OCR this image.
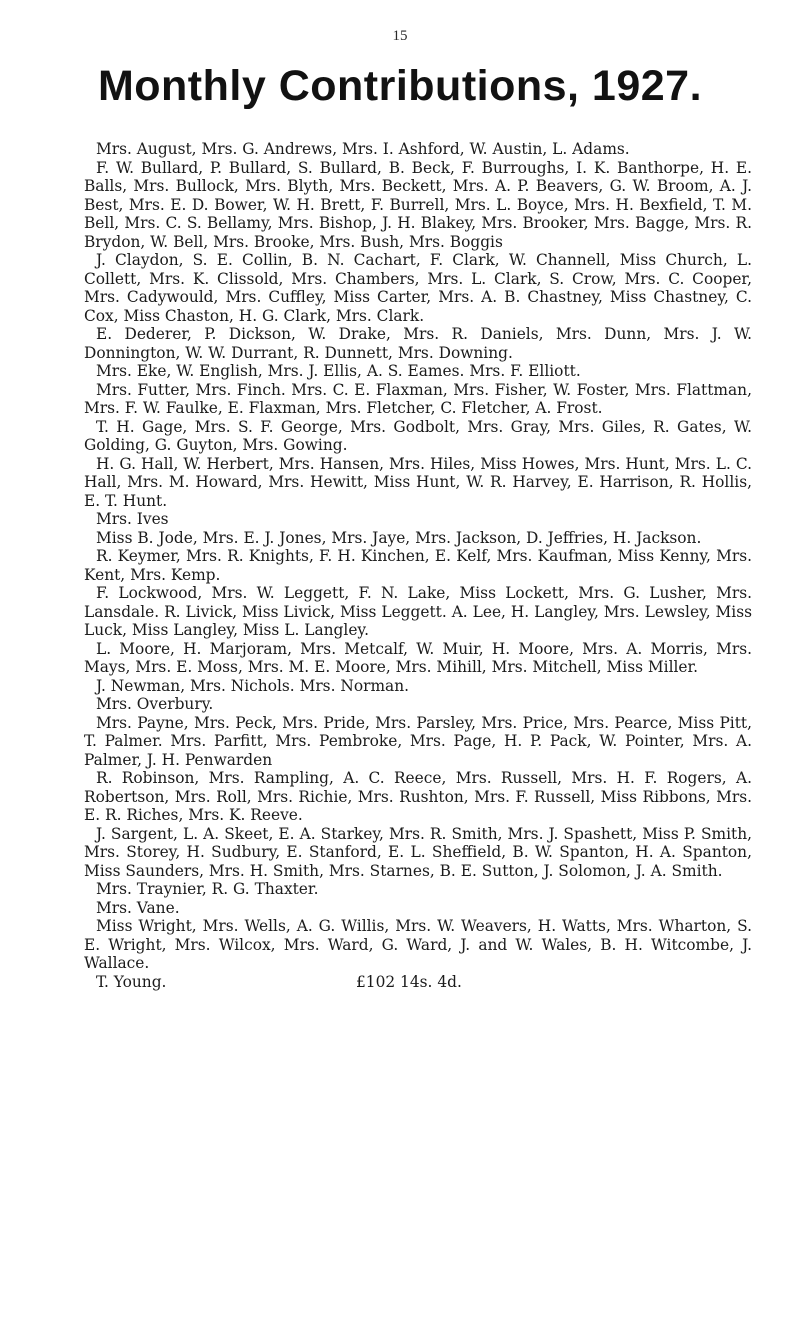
15
Monthly Contributions, 1927.

Mrs. August, Mrs. G. Andrews, Mrs. I. Ashford, W. Austin, L. Adams.

F. W. Bullard, P. Bullard, S. Bullard, B. Beck, F. Burroughs, I. K. Banthorpe, H. E. Balls, Mrs. Bullock, Mrs. Blyth, Mrs. Beckett, Mrs. A. P. Beavers, G. W. Broom, A. J. Best, Mrs. E. D. Bower, W. H. Brett, F. Burrell, Mrs. L. Boyce, Mrs. H. Bexfield, T. M. Bell, Mrs. C. S. Bellamy, Mrs. Bishop, J. H. Blakey, Mrs. Brooker, Mrs. Bagge, Mrs. R. Brydon, W. Bell, Mrs. Brooke, Mrs. Bush, Mrs. Boggis

J. Claydon, S. E. Collin, B. N. Cachart, F. Clark, W. Channell, Miss Church, L. Collett, Mrs. K. Clissold, Mrs. Chambers, Mrs. L. Clark, S. Crow, Mrs. C. Cooper, Mrs. Cadywould, Mrs. Cuffley, Miss Carter, Mrs. A. B. Chastney, Miss Chastney, C. Cox, Miss Chaston, H. G. Clark, Mrs. Clark.

E. Dederer, P. Dickson, W. Drake, Mrs. R. Daniels, Mrs. Dunn, Mrs. J. W. Donnington, W. W. Durrant, R. Dunnett, Mrs. Downing.

Mrs. Eke, W. English, Mrs. J. Ellis, A. S. Eames. Mrs. F. Elliott.

Mrs. Futter, Mrs. Finch. Mrs. C. E. Flaxman, Mrs. Fisher, W. Foster, Mrs. Flattman, Mrs. F. W. Faulke, E. Flaxman, Mrs. Fletcher, C. Fletcher, A. Frost.

T. H. Gage, Mrs. S. F. George, Mrs. Godbolt, Mrs. Gray, Mrs. Giles, R. Gates, W. Golding, G. Guyton, Mrs. Gowing.

H. G. Hall, W. Herbert, Mrs. Hansen, Mrs. Hiles, Miss Howes, Mrs. Hunt, Mrs. L. C. Hall, Mrs. M. Howard, Mrs. Hewitt, Miss Hunt, W. R. Harvey, E. Harrison, R. Hollis, E. T. Hunt.

Mrs. Ives

Miss B. Jode, Mrs. E. J. Jones, Mrs. Jaye, Mrs. Jackson, D. Jeffries, H. Jackson.

R. Keymer, Mrs. R. Knights, F. H. Kinchen, E. Kelf, Mrs. Kaufman, Miss Kenny, Mrs. Kent, Mrs. Kemp.

F. Lockwood, Mrs. W. Leggett, F. N. Lake, Miss Lockett, Mrs. G. Lusher, Mrs. Lansdale. R. Livick, Miss Livick, Miss Leggett. A. Lee, H. Langley, Mrs. Lewsley, Miss Luck, Miss Langley, Miss L. Langley.

L. Moore, H. Marjoram, Mrs. Metcalf, W. Muir, H. Moore, Mrs. A. Morris, Mrs. Mays, Mrs. E. Moss, Mrs. M. E. Moore, Mrs. Mihill, Mrs. Mitchell, Miss Miller.

J. Newman, Mrs. Nichols. Mrs. Norman.

Mrs. Overbury.

Mrs. Payne, Mrs. Peck, Mrs. Pride, Mrs. Parsley, Mrs. Price, Mrs. Pearce, Miss Pitt, T. Palmer. Mrs. Parfitt, Mrs. Pembroke, Mrs. Page, H. P. Pack, W. Pointer, Mrs. A. Palmer, J. H. Penwarden

R. Robinson, Mrs. Rampling, A. C. Reece, Mrs. Russell, Mrs. H. F. Rogers, A. Robertson, Mrs. Roll, Mrs. Richie, Mrs. Rushton, Mrs. F. Russell, Miss Ribbons, Mrs. E. R. Riches, Mrs. K. Reeve.

J. Sargent, L. A. Skeet, E. A. Starkey, Mrs. R. Smith, Mrs. J. Spashett, Miss P. Smith, Mrs. Storey, H. Sudbury, E. Stanford, E. L. Sheffield, B. W. Spanton, H. A. Spanton, Miss Saunders, Mrs. H. Smith, Mrs. Starnes, B. E. Sutton, J. Solomon, J. A. Smith.

Mrs. Traynier, R. G. Thaxter.

Mrs. Vane.

Miss Wright, Mrs. Wells, A. G. Willis, Mrs. W. Weavers, H. Watts, Mrs. Wharton, S. E. Wright, Mrs. Wilcox, Mrs. Ward, G. Ward, J. and W. Wales, B. H. Witcombe, J. Wallace.

T. Young.	£102 14s. 4d.
